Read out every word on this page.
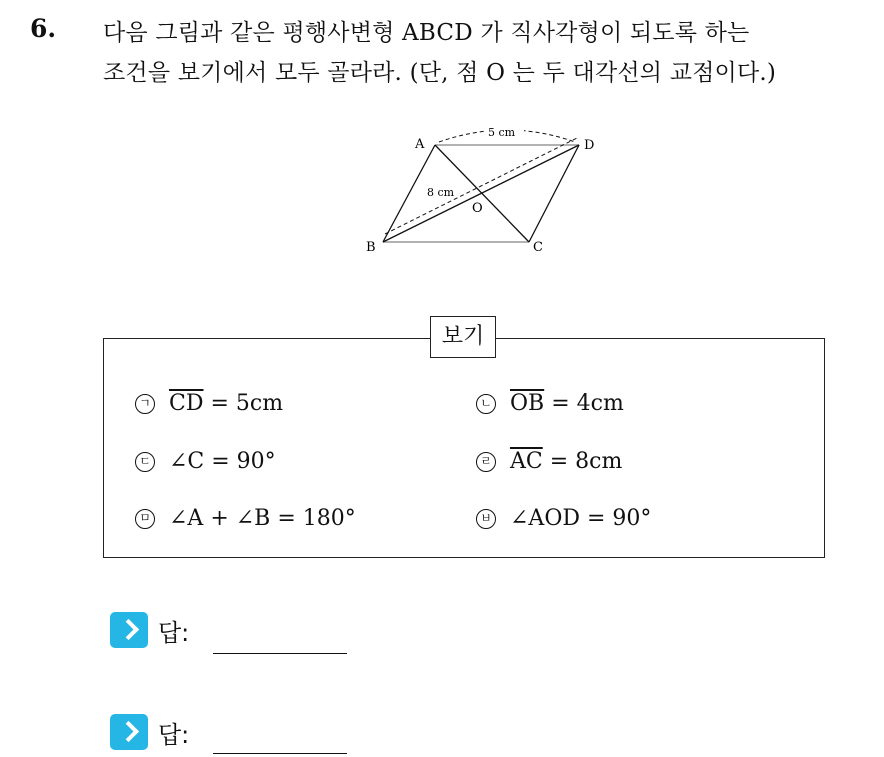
6. 다음 그림과 같은 평행사변형 ABCD 가 직사각형이 되도록 하는
조건을 보기에서 모두 골라라. (단, 점 O 는 두 대각선의 교점이다.)
A	D
B	C
O
5 cm
8 cm
보기
ㄱ $\overline{CD} = 5cm$	ㄴ $\overline{OB} = 4cm$
ㄷ ∠C = 90°	ㄹ $\overline{AC} = 8cm$
ㅁ ∠A + ∠B = 180°	ㅂ ∠AOD = 90°
답:
답:
